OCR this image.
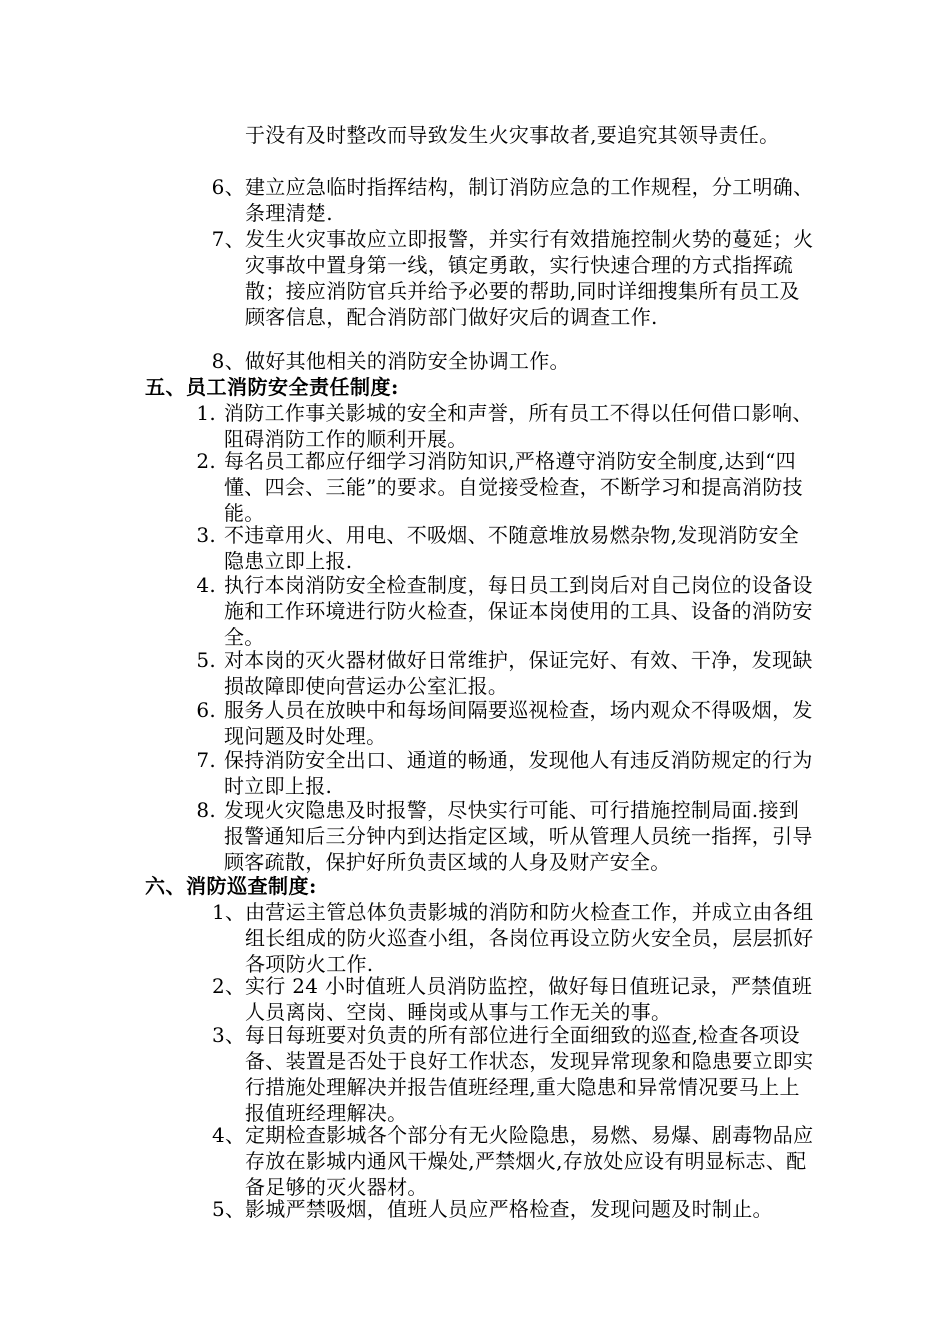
于没有及时整改而导致发生火灾事故者,要追究其领导责任。
6、 建立应急临时指挥结构，制订消防应急的工作规程，分工明确、条理清楚.
7、 发生火灾事故应立即报警，并实行有效措施控制火势的蔓延；火灾事故中置身第一线，镇定勇敢，实行快速合理的方式指挥疏散；接应消防官兵并给予必要的帮助,同时详细搜集所有员工及顾客信息，配合消防部门做好灾后的调查工作.
8、 做好其他相关的消防安全协调工作。
五、员工消防安全责任制度:
1. 消防工作事关影城的安全和声誉，所有员工不得以任何借口影响、阻碍消防工作的顺利开展。
2. 每名员工都应仔细学习消防知识,严格遵守消防安全制度,达到“四懂、四会、三能”的要求。自觉接受检查，不断学习和提高消防技能。
3. 不违章用火、用电、不吸烟、不随意堆放易燃杂物,发现消防安全隐患立即上报.
4. 执行本岗消防安全检查制度，每日员工到岗后对自己岗位的设备设施和工作环境进行防火检查，保证本岗使用的工具、设备的消防安全。
5. 对本岗的灭火器材做好日常维护，保证完好、有效、干净，发现缺损故障即使向营运办公室汇报。
6. 服务人员在放映中和每场间隔要巡视检查，场内观众不得吸烟，发现问题及时处理。
7. 保持消防安全出口、通道的畅通，发现他人有违反消防规定的行为时立即上报.
8. 发现火灾隐患及时报警，尽快实行可能、可行措施控制局面.接到报警通知后三分钟内到达指定区域，听从管理人员统一指挥，引导顾客疏散，保护好所负责区域的人身及财产安全。
六、消防巡查制度:
1、 由营运主管总体负责影城的消防和防火检查工作，并成立由各组组长组成的防火巡查小组，各岗位再设立防火安全员，层层抓好各项防火工作.
2、 实行 24 小时值班人员消防监控，做好每日值班记录，严禁值班人员离岗、空岗、睡岗或从事与工作无关的事。
3、 每日每班要对负责的所有部位进行全面细致的巡查,检查各项设备、装置是否处于良好工作状态，发现异常现象和隐患要立即实行措施处理解决并报告值班经理,重大隐患和异常情况要马上上报值班经理解决。
4、 定期检查影城各个部分有无火险隐患，易燃、易爆、剧毒物品应存放在影城内通风干燥处,严禁烟火,存放处应设有明显标志、配备足够的灭火器材。
5、 影城严禁吸烟，值班人员应严格检查，发现问题及时制止。
